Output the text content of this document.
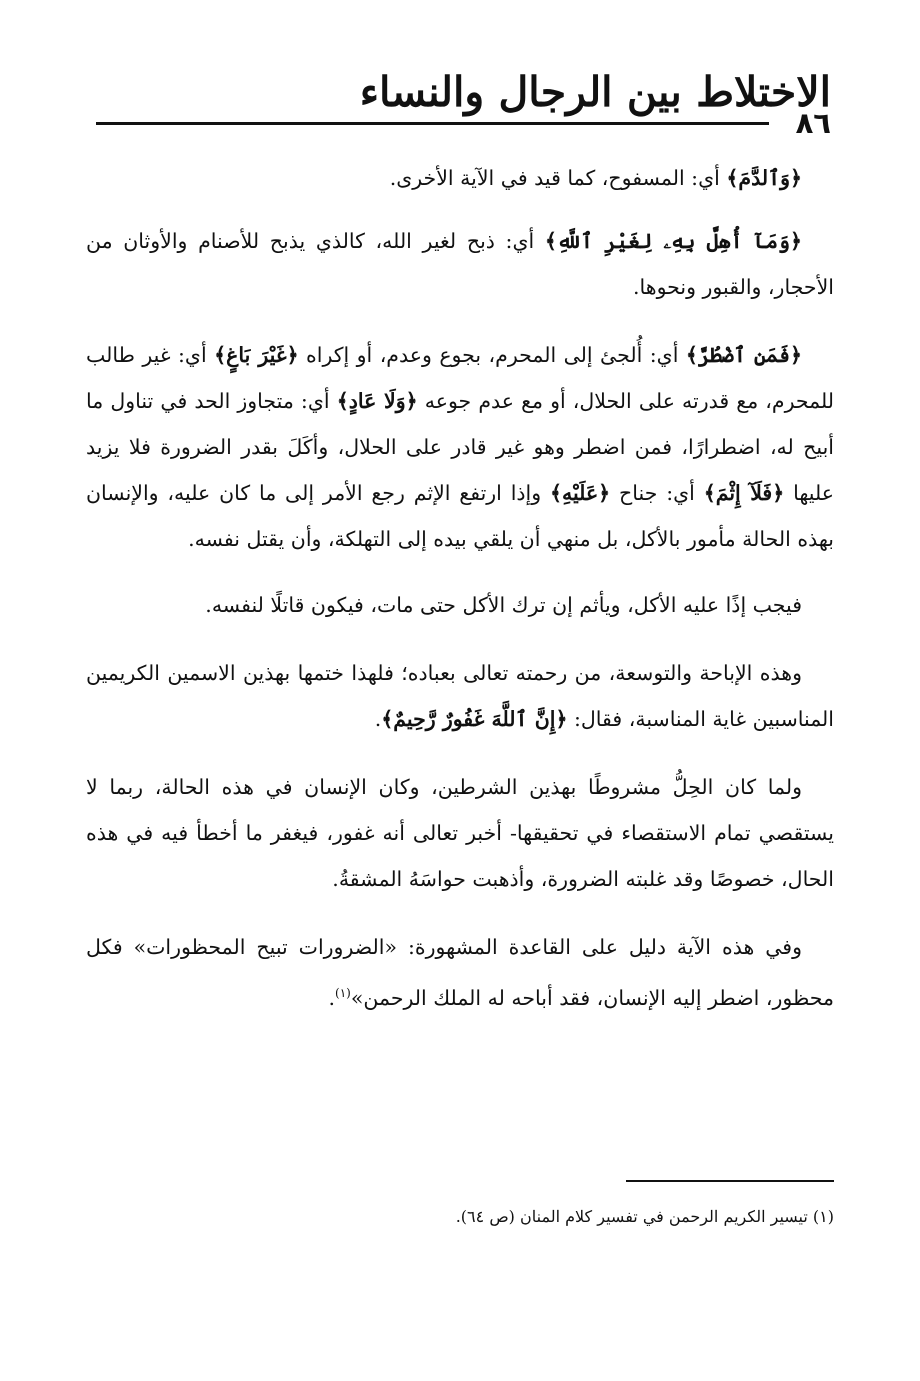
الاختلاط بين الرجال والنساء
٨٦

﴿وَٱلدَّمَ﴾ أي: المسفوح، كما قيد في الآية الأخرى.

﴿وَمَآ أُهِلَّ بِهِۦ لِغَيْرِ ٱللَّهِ﴾ أي: ذبح لغير الله، كالذي يذبح للأصنام والأوثان من الأحجار، والقبور ونحوها.

﴿فَمَنِ ٱضْطُرَّ﴾ أي: أُلجئ إلى المحرم، بجوع وعدم، أو إكراه ﴿غَيْرَ بَاغٍ﴾ أي: غير طالب للمحرم، مع قدرته على الحلال، أو مع عدم جوعه ﴿وَلَا عَادٍ﴾ أي: متجاوز الحد في تناول ما أبيح له، اضطرارًا، فمن اضطر وهو غير قادر على الحلال، وأكَلَ بقدر الضرورة فلا يزيد عليها ﴿فَلَآ إِثْمَ﴾ أي: جناح ﴿عَلَيْهِ﴾ وإذا ارتفع الإثم رجع الأمر إلى ما كان عليه، والإنسان بهذه الحالة مأمور بالأكل، بل منهي أن يلقي بيده إلى التهلكة، وأن يقتل نفسه.

فيجب إذًا عليه الأكل، ويأثم إن ترك الأكل حتى مات، فيكون قاتلًا لنفسه.

وهذه الإباحة والتوسعة، من رحمته تعالى بعباده؛ فلهذا ختمها بهذين الاسمين الكريمين المناسبين غاية المناسبة، فقال: ﴿إِنَّ ٱللَّهَ غَفُورٌ رَّحِيمٌ﴾.

ولما كان الحِلُّ مشروطًا بهذين الشرطين، وكان الإنسان في هذه الحالة، ربما لا يستقصي تمام الاستقصاء في تحقيقها- أخبر تعالى أنه غفور، فيغفر ما أخطأ فيه في هذه الحال، خصوصًا وقد غلبته الضرورة، وأذهبت حواسَهُ المشقةُ.

وفي هذه الآية دليل على القاعدة المشهورة: «الضرورات تبيح المحظورات» فكل محظور، اضطر إليه الإنسان، فقد أباحه له الملك الرحمن»$^{(١)}$.

(١) تيسير الكريم الرحمن في تفسير كلام المنان (ص ٦٤).
